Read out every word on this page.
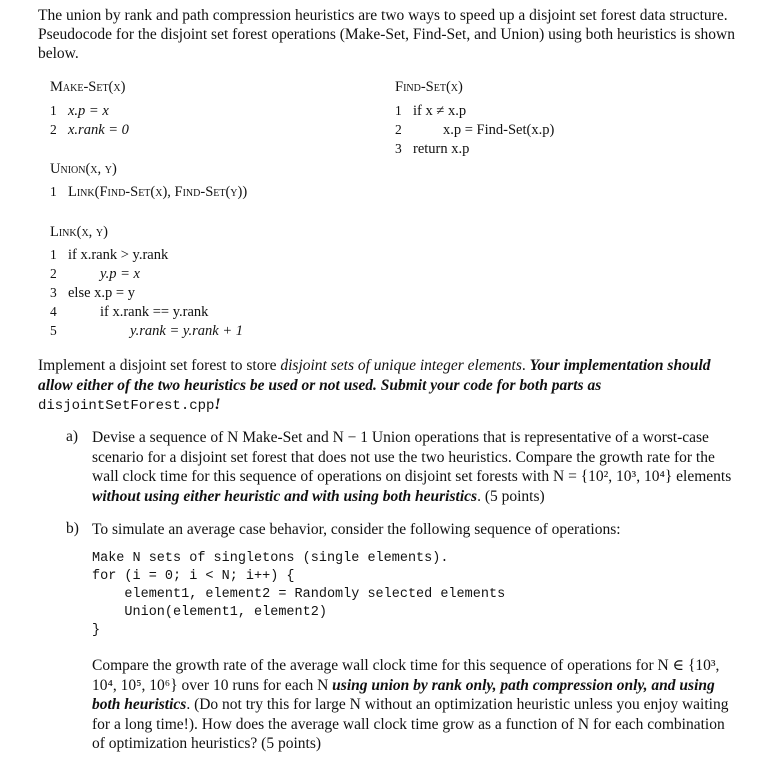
The union by rank and path compression heuristics are two ways to speed up a disjoint set forest data structure. Pseudocode for the disjoint set forest operations (Make-Set, Find-Set, and Union) using both heuristics is shown below.
Make-Set(x)
1 x.p = x
2 x.rank = 0
Find-Set(x)
1 if x ≠ x.p
2	x.p = Find-Set(x.p)
3 return x.p
Union(x, y)
1 Link(Find-Set(x), Find-Set(y))
Link(x, y)
1 if x.rank > y.rank
2	y.p = x
3 else x.p = y
4	if x.rank == y.rank
5	y.rank = y.rank + 1
Implement a disjoint set forest to store disjoint sets of unique integer elements. Your implementation should allow either of the two heuristics be used or not used. Submit your code for both parts as disjointSetForest.cpp!
a) Devise a sequence of N Make-Set and N − 1 Union operations that is representative of a worst-case scenario for a disjoint set forest that does not use the two heuristics. Compare the growth rate for the wall clock time for this sequence of operations on disjoint set forests with N = {10², 10³, 10⁴} elements without using either heuristic and with using both heuristics. (5 points)
b) To simulate an average case behavior, consider the following sequence of operations:
Make N sets of singletons (single elements).
for (i = 0; i < N; i++) {
element1, element2 = Randomly selected elements
Union(element1, element2)
}
Compare the growth rate of the average wall clock time for this sequence of operations for N ∈ {10³, 10⁴, 10⁵, 10⁶} over 10 runs for each N using union by rank only, path compression only, and using both heuristics. (Do not try this for large N without an optimization heuristic unless you enjoy waiting for a long time!). How does the average wall clock time grow as a function of N for each combination of optimization heuristics? (5 points)
